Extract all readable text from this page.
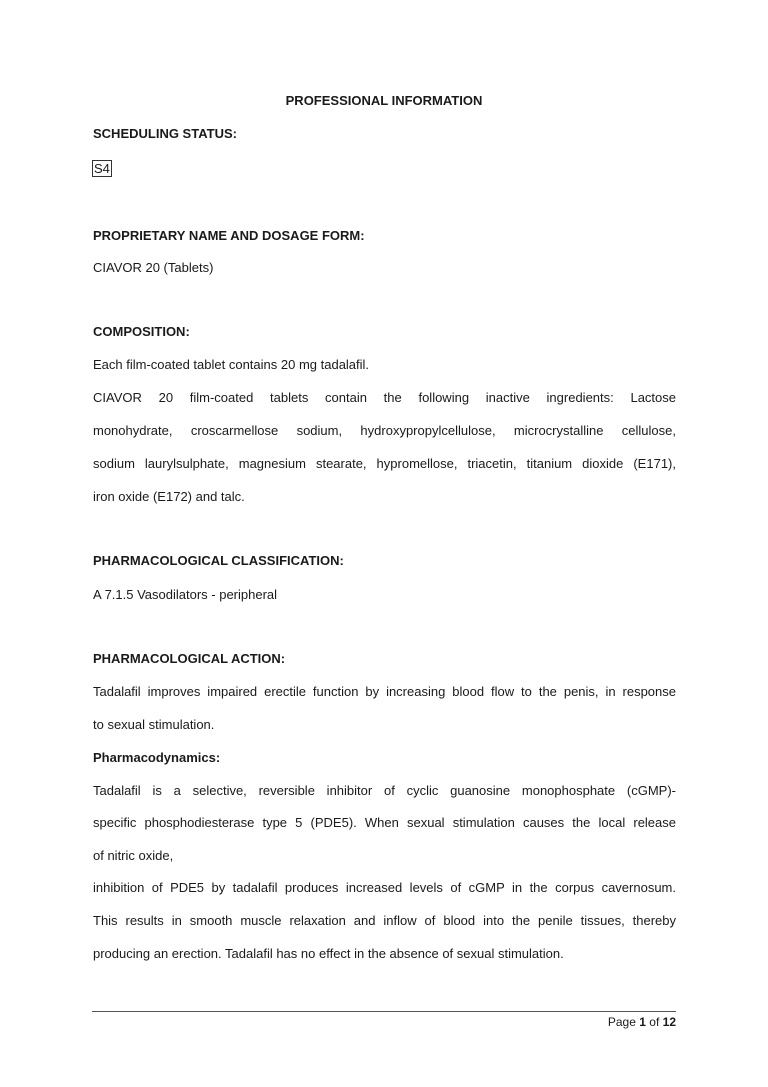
PROFESSIONAL INFORMATION
SCHEDULING STATUS:
S4
PROPRIETARY NAME AND DOSAGE FORM:

CIAVOR 20 (Tablets)

COMPOSITION:

Each film-coated tablet contains 20 mg tadalafil.

CIAVOR 20 film-coated tablets contain the following inactive ingredients: Lactose

monohydrate, croscarmellose sodium, hydroxypropylcellulose, microcrystalline cellulose,

sodium laurylsulphate, magnesium stearate, hypromellose, triacetin, titanium dioxide (E171),

iron oxide (E172) and talc.

PHARMACOLOGICAL CLASSIFICATION:

A 7.1.5 Vasodilators - peripheral

PHARMACOLOGICAL ACTION:

Tadalafil improves impaired erectile function by increasing blood flow to the penis, in response

to sexual stimulation.

Pharmacodynamics:

Tadalafil is a selective, reversible inhibitor of cyclic guanosine monophosphate (cGMP)-

specific phosphodiesterase type 5 (PDE5). When sexual stimulation causes the local release

of nitric oxide,

inhibition of PDE5 by tadalafil produces increased levels of cGMP in the corpus cavernosum.

This results in smooth muscle relaxation and inflow of blood into the penile tissues, thereby

producing an erection. Tadalafil has no effect in the absence of sexual stimulation.

Page 1 of 12
